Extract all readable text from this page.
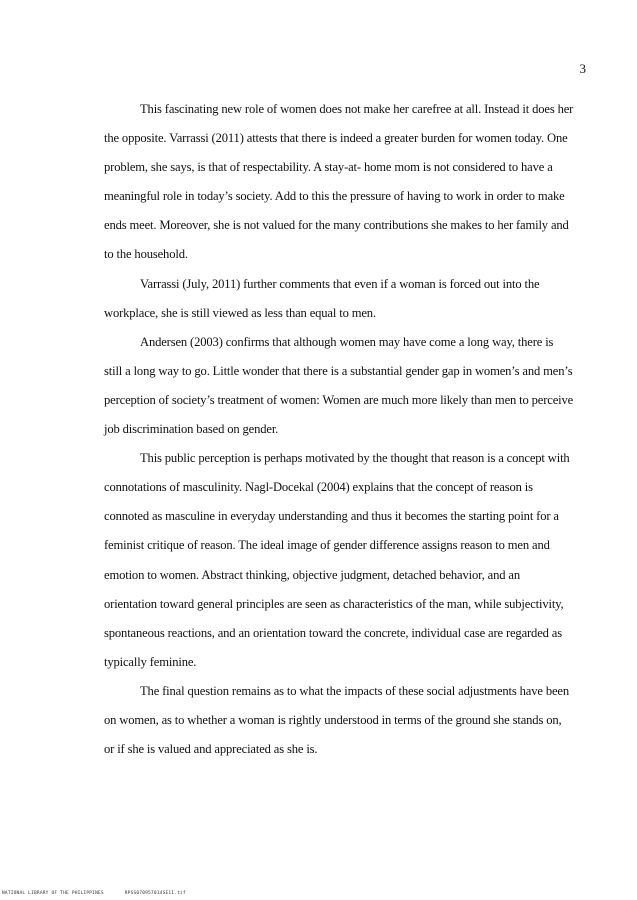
3

This fascinating new role of women does not make her carefree at all. Instead it does her the opposite. Varrassi (2011) attests that there is indeed a greater burden for women today. One problem, she says, is that of respectability. A stay-at- home mom is not considered to have a meaningful role in today’s society. Add to this the pressure of having to work in order to make ends meet. Moreover, she is not valued for the many contributions she makes to her family and to the household.

Varrassi (July, 2011) further comments that even if a woman is forced out into the workplace, she is still viewed as less than equal to men.

Andersen (2003) confirms that although women may have come a long way, there is still a long way to go. Little wonder that there is a substantial gender gap in women’s and men’s perception of society’s treatment of women: Women are much more likely than men to perceive job discrimination based on gender.

This public perception is perhaps motivated by the thought that reason is a concept with connotations of masculinity. Nagl-Docekal (2004) explains that the concept of reason is connoted as masculine in everyday understanding and thus it becomes the starting point for a feminist critique of reason. The ideal image of gender difference assigns reason to men and emotion to women. Abstract thinking, objective judgment, detached behavior, and an orientation toward general principles are seen as characteristics of the man, while subjectivity, spontaneous reactions, and an orientation toward the concrete, individual case are regarded as typically feminine.

The final question remains as to what the impacts of these social adjustments have been on women, as to whether a woman is rightly understood in terms of the ground she stands on, or if she is valued and appreciated as she is.

NATIONAL LIBRARY OF THE PHILIPPINES	RPSS070957014SE11.tif
